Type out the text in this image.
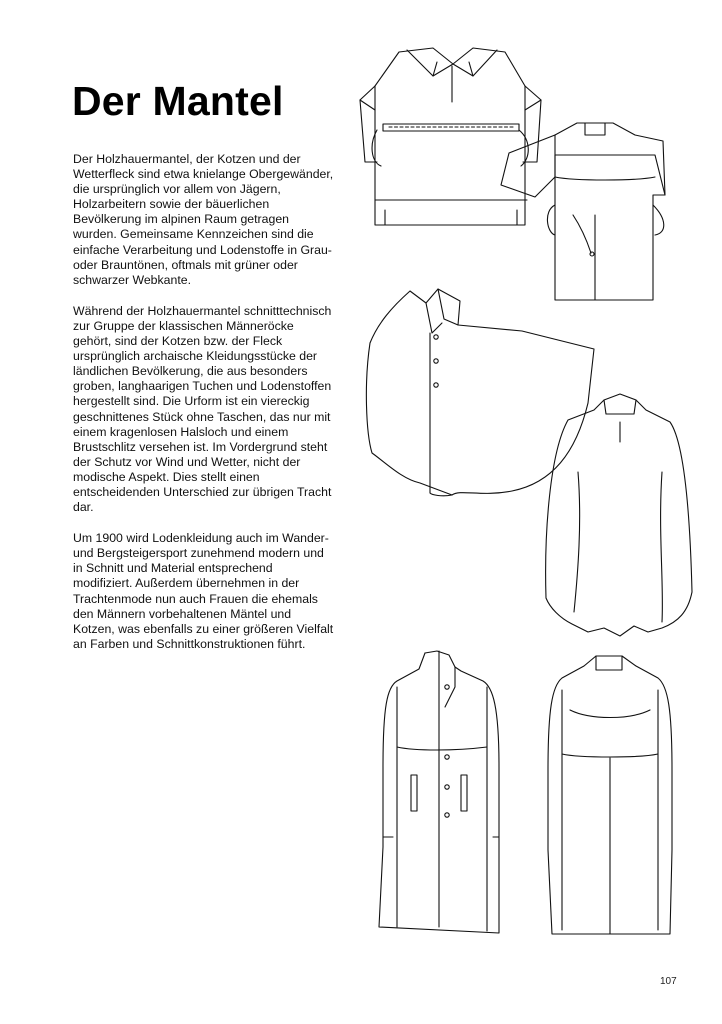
Der Mantel

Der Holzhauermantel, der Kotzen und der Wetterfleck sind etwa knielange Obergewänder, die ursprünglich vor allem von Jägern, Holzarbeitern sowie der bäuerlichen Bevölkerung im alpinen Raum getragen wurden. Gemeinsame Kennzeichen sind die einfache Verarbeitung und Lodenstoffe in Grau- oder Brauntönen, oftmals mit grüner oder schwarzer Webkante.

Während der Holzhauermantel schnitttechnisch zur Gruppe der klassischen Männeröcke gehört, sind der Kotzen bzw. der Fleck ursprünglich archaische Kleidungsstücke der ländlichen Bevölkerung, die aus besonders groben, langhaarigen Tuchen und Lodenstoffen hergestellt sind. Die Urform ist ein viereckig geschnittenes Stück ohne Taschen, das nur mit einem kragenlosen Halsloch und einem Brustschlitz versehen ist. Im Vordergrund steht der Schutz vor Wind und Wetter, nicht der modische Aspekt. Dies stellt einen entscheidenden Unterschied zur übrigen Tracht dar.

Um 1900 wird Lodenkleidung auch im Wander- und Bergsteigersport zunehmend modern und in Schnitt und Material entsprechend modifiziert. Außerdem übernehmen in der Trachtenmode nun auch Frauen die ehemals den Männern vorbehaltenen Mäntel und Kotzen, was ebenfalls zu einer größeren Vielfalt an Farben und Schnittkonstruktionen führt.

107
